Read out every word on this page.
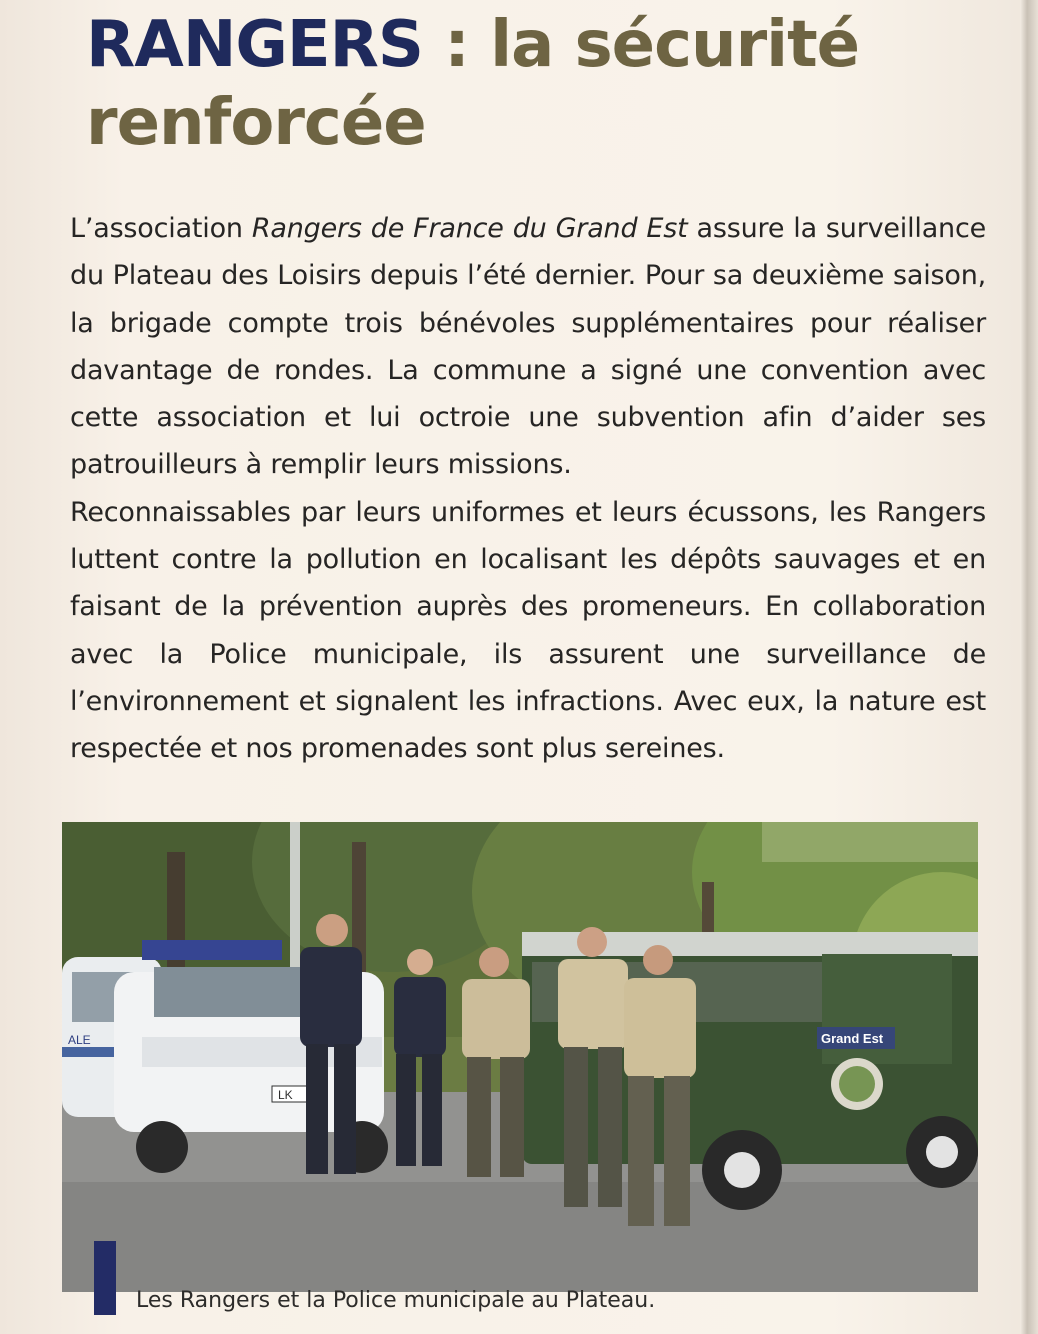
RANGERS : la sécurité renforcée

L’association Rangers de France du Grand Est assure la surveillance du Plateau des Loisirs depuis l’été dernier. Pour sa deuxième saison, la brigade compte trois bénévoles supplémentaires pour réaliser davantage de rondes. La commune a signé une convention avec cette association et lui octroie une subvention afin d’aider ses patrouilleurs à remplir leurs missions.
Reconnaissables par leurs uniformes et leurs écussons, les Rangers luttent contre la pollution en localisant les dépôts sauvages et en faisant de la prévention auprès des promeneurs. En collaboration avec la Police municipale, ils assurent une surveillance de l’environnement et signalent les infractions. Avec eux, la nature est respectée et nos promenades sont plus sereines.

ALE
LK
Grand Est
Les Rangers et la Police municipale au Plateau.
